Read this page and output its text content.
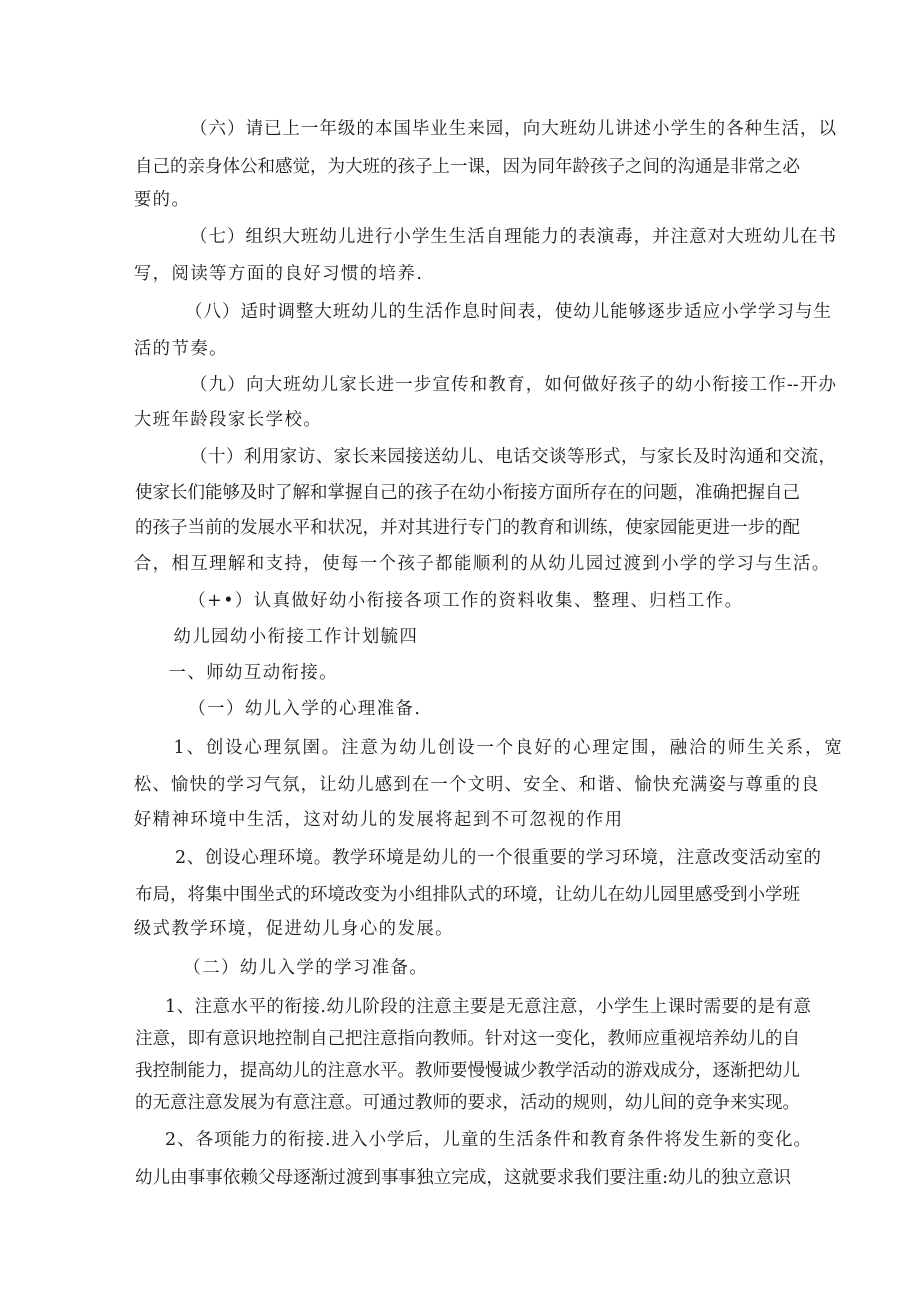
（六）请已上一年级的本国毕业生来园，向大班幼儿讲述小学生的各种生活，以
自己的亲身体公和感觉，为大班的孩子上一课，因为同年龄孩子之间的沟通是非常之必
要的。
（七）组织大班幼儿进行小学生生活自理能力的表演毒，并注意对大班幼儿在书
写，阅读等方面的良好习惯的培养.
（八）适时调整大班幼儿的生活作息时间表，使幼儿能够逐步适应小学学习与生
活的节奏。
（九）向大班幼儿家长进一步宣传和教育，如何做好孩子的幼小衔接工作--开办
大班年龄段家长学校。
（十）利用家访、家长来园接送幼儿、电话交谈等形式，与家长及时沟通和交流，
使家长们能够及时了解和掌握自己的孩子在幼小衔接方面所存在的问题，准确把握自己
的孩子当前的发展水平和状况，并对其进行专门的教育和训练，使家园能更进一步的配
合，相互理解和支持，使每一个孩子都能顺利的从幼儿园过渡到小学的学习与生活。
（+•）认真做好幼小衔接各项工作的资料收集、整理、归档工作。
幼儿园幼小衔接工作计划毓四
一、师幼互动衔接。
（一）幼儿入学的心理准备.
1、创设心理氛圉。注意为幼儿创设一个良好的心理定围，融洽的师生关系，宽
松、愉快的学习气氛，让幼儿感到在一个文明、安全、和谐、愉快充满姿与尊重的良
好精神环境中生活，这对幼儿的发展将起到不可忽视的作用
2、创设心理环境。教学环境是幼儿的一个很重要的学习环境，注意改变活动室的
布局，将集中围坐式的环境改变为小组排队式的环境，让幼儿在幼儿园里感受到小学班
级式教学环境，促进幼儿身心的发展。
（二）幼儿入学的学习准备。
1、注意水平的衔接.幼儿阶段的注意主要是无意注意，小学生上课时需要的是有意
注意，即有意识地控制自己把注意指向教师。针对这一变化，教师应重视培养幼儿的自
我控制能力，提高幼儿的注意水平。教师要慢慢诚少教学活动的游戏成分，逐渐把幼儿
的无意注意发展为有意注意。可通过教师的要求，活动的规则，幼儿间的竞争来实现。
2、各项能力的衔接.进入小学后，儿童的生活条件和教育条件将发生新的变化。
幼儿由事事依赖父母逐渐过渡到事事独立完成，这就要求我们要注重:幼儿的独立意识
